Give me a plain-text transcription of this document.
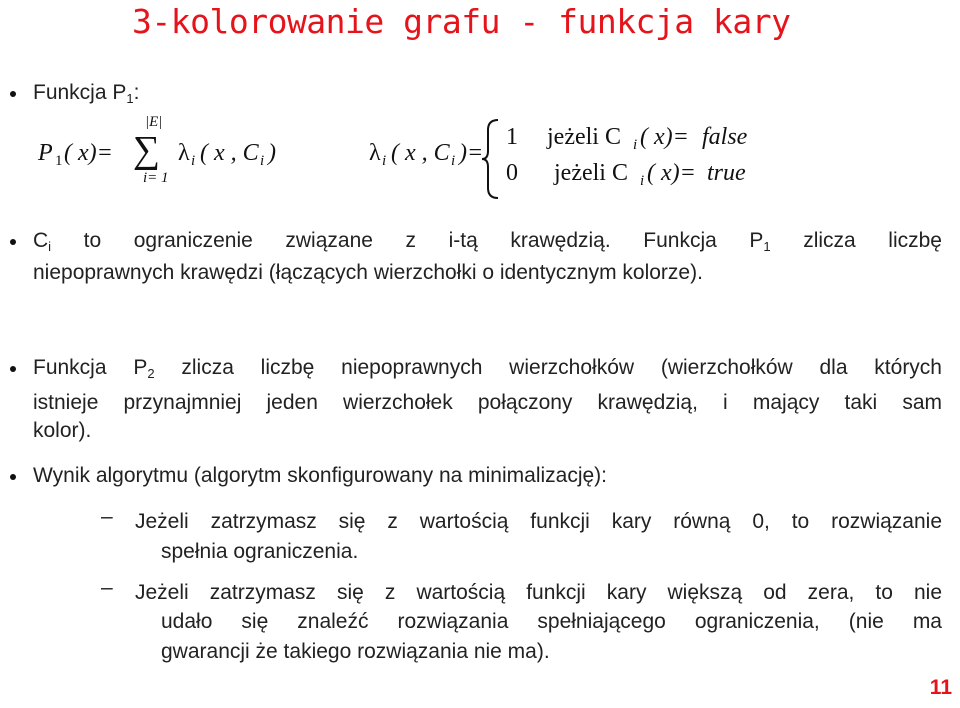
3-kolorowanie grafu - funkcja kary
Funkcja $P_1$:
P 1 ( x)=
|E|
∑
i= 1
λ i ( x , C i )	λ i ( x , C i )=
1 jeżeli C i ( x)= false
0 jeżeli C i ( x)= true
$C_i$ to ograniczenie związane z i-tą krawędzią. Funkcja $P_1$ zlicza liczbę
niepoprawnych krawędzi (łączących wierzchołki o identycznym kolorze).
Funkcja $P_2$ zlicza liczbę niepoprawnych wierzchołków (wierzchołków dla których
istnieje przynajmniej jeden wierzchołek połączony krawędzią, i mający taki sam
kolor).
Wynik algorytmu (algorytm skonfigurowany na minimalizację):
– Jeżeli zatrzymasz się z wartością funkcji kary równą 0, to rozwiązanie
spełnia ograniczenia.
– Jeżeli zatrzymasz się z wartością funkcji kary większą od zera, to nie
udało się znaleźć rozwiązania spełniającego ograniczenia, (nie ma
gwarancji że takiego rozwiązania nie ma).
11
